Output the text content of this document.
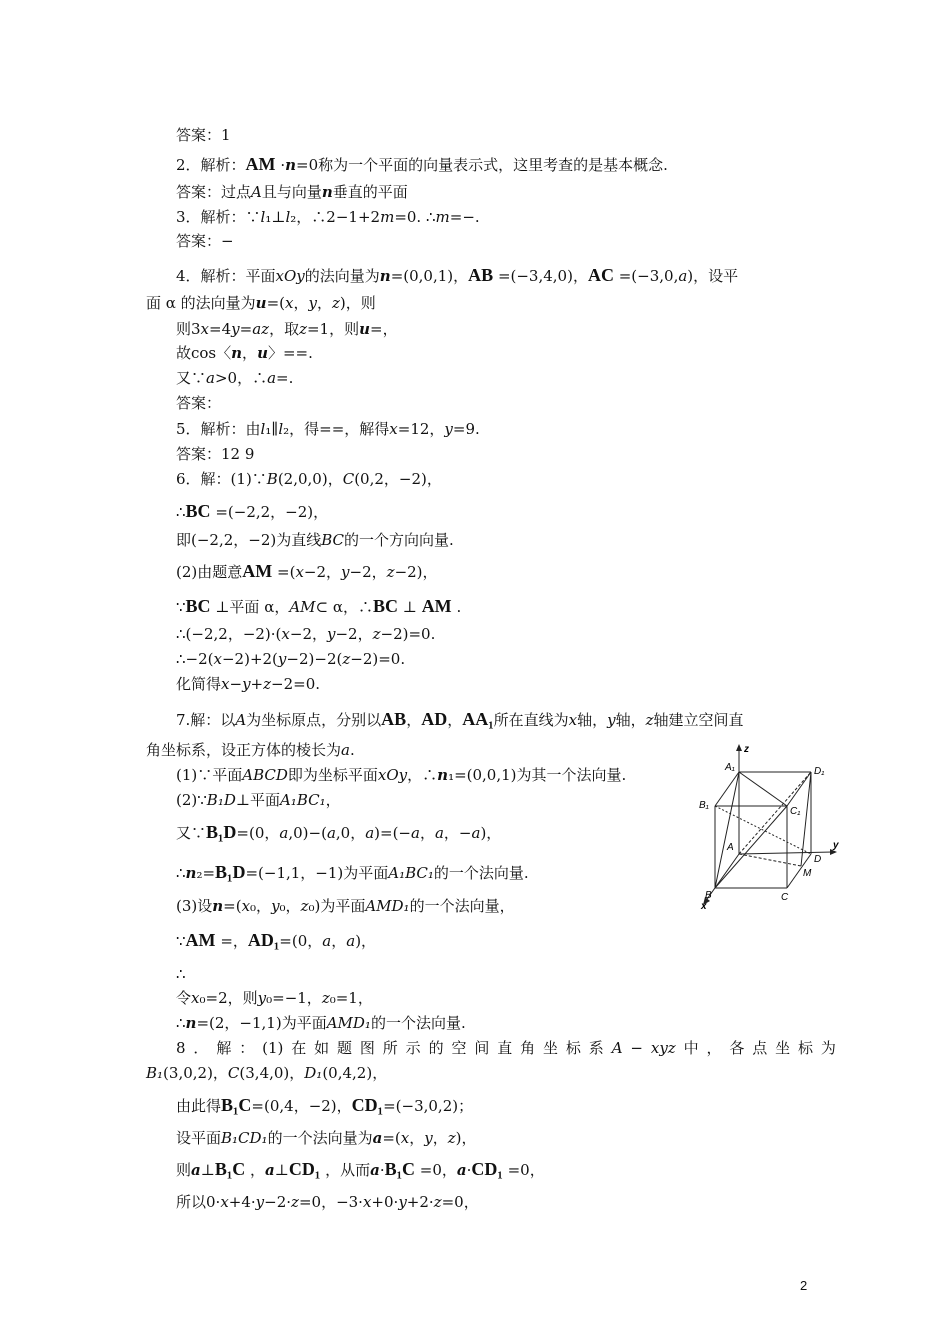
答案：1
2．解析：AM ·n=0称为一个平面的向量表示式，这里考查的是基本概念.
答案：过点A且与向量n垂直的平面
3．解析：∵l₁⊥l₂，∴2−1+2m=0. ∴m=−.
答案：−
4．解析：平面xOy的法向量为n=(0,0,1)，AB =(−3,4,0)，AC =(−3,0,a)，设平
面 α 的法向量为u=(x，y，z)，则
则3x=4y=az，取z=1，则u=，
故cos〈n，u〉==.
又∵a>0，∴a=.
答案：
5．解析：由l₁∥l₂，得==，解得x=12，y=9.
答案：12 9
6．解：(1)∵B(2,0,0)，C(0,2，−2)，
∴BC =(−2,2，−2)，
即(−2,2，−2)为直线BC的一个方向向量.
(2)由题意AM =(x−2，y−2，z−2)，
∵BC ⊥平面 α，AM⊂ α，∴BC ⊥ AM .
∴(−2,2，−2)·(x−2，y−2，z−2)=0.
∴−2(x−2)+2(y−2)−2(z−2)=0.
化简得x−y+z−2=0.
7.解：以A为坐标原点，分别以AB，AD，AA₁所在直线为x轴，y轴，z轴建立空间直
角坐标系，设正方体的棱长为a.
(1)∵平面ABCD即为坐标平面xOy，∴n₁=(0,0,1)为其一个法向量.
(2)∵B₁D⊥平面A₁BC₁，
又∵B₁D=(0，a,0)−(a,0，a)=(−a，a，−a)，
∴n₂=B₁D=(−1,1，−1)为平面A₁BC₁的一个法向量.
(3)设n=(x₀，y₀，z₀)为平面AMD₁的一个法向量，
∵AM =，AD₁=(0，a，a)，
∴
令x₀=2，则y₀=−1，z₀=1，
∴n=(2，−1,1)为平面AMD₁的一个法向量.
8 ． 解 ： (1) 在 如 题 图 所 示 的 空 间 直 角 坐 标 系 A − xyz 中 ， 各 点 坐 标 为
B₁(3,0,2)，C(3,4,0)，D₁(0,4,2)，
由此得B₁C=(0,4，−2)，CD₁=(−3,0,2)；
设平面B₁CD₁的一个法向量为a=(x，y，z)，
则a⊥B₁C ，a⊥CD₁ ，从而a·B₁C =0，a·CD₁ =0，
所以0·x+4·y−2·z=0，−3·x+0·y+2·z=0，
z
y
x
A₁	D₁
B₁
C₁
A
D
M
B	C
2
